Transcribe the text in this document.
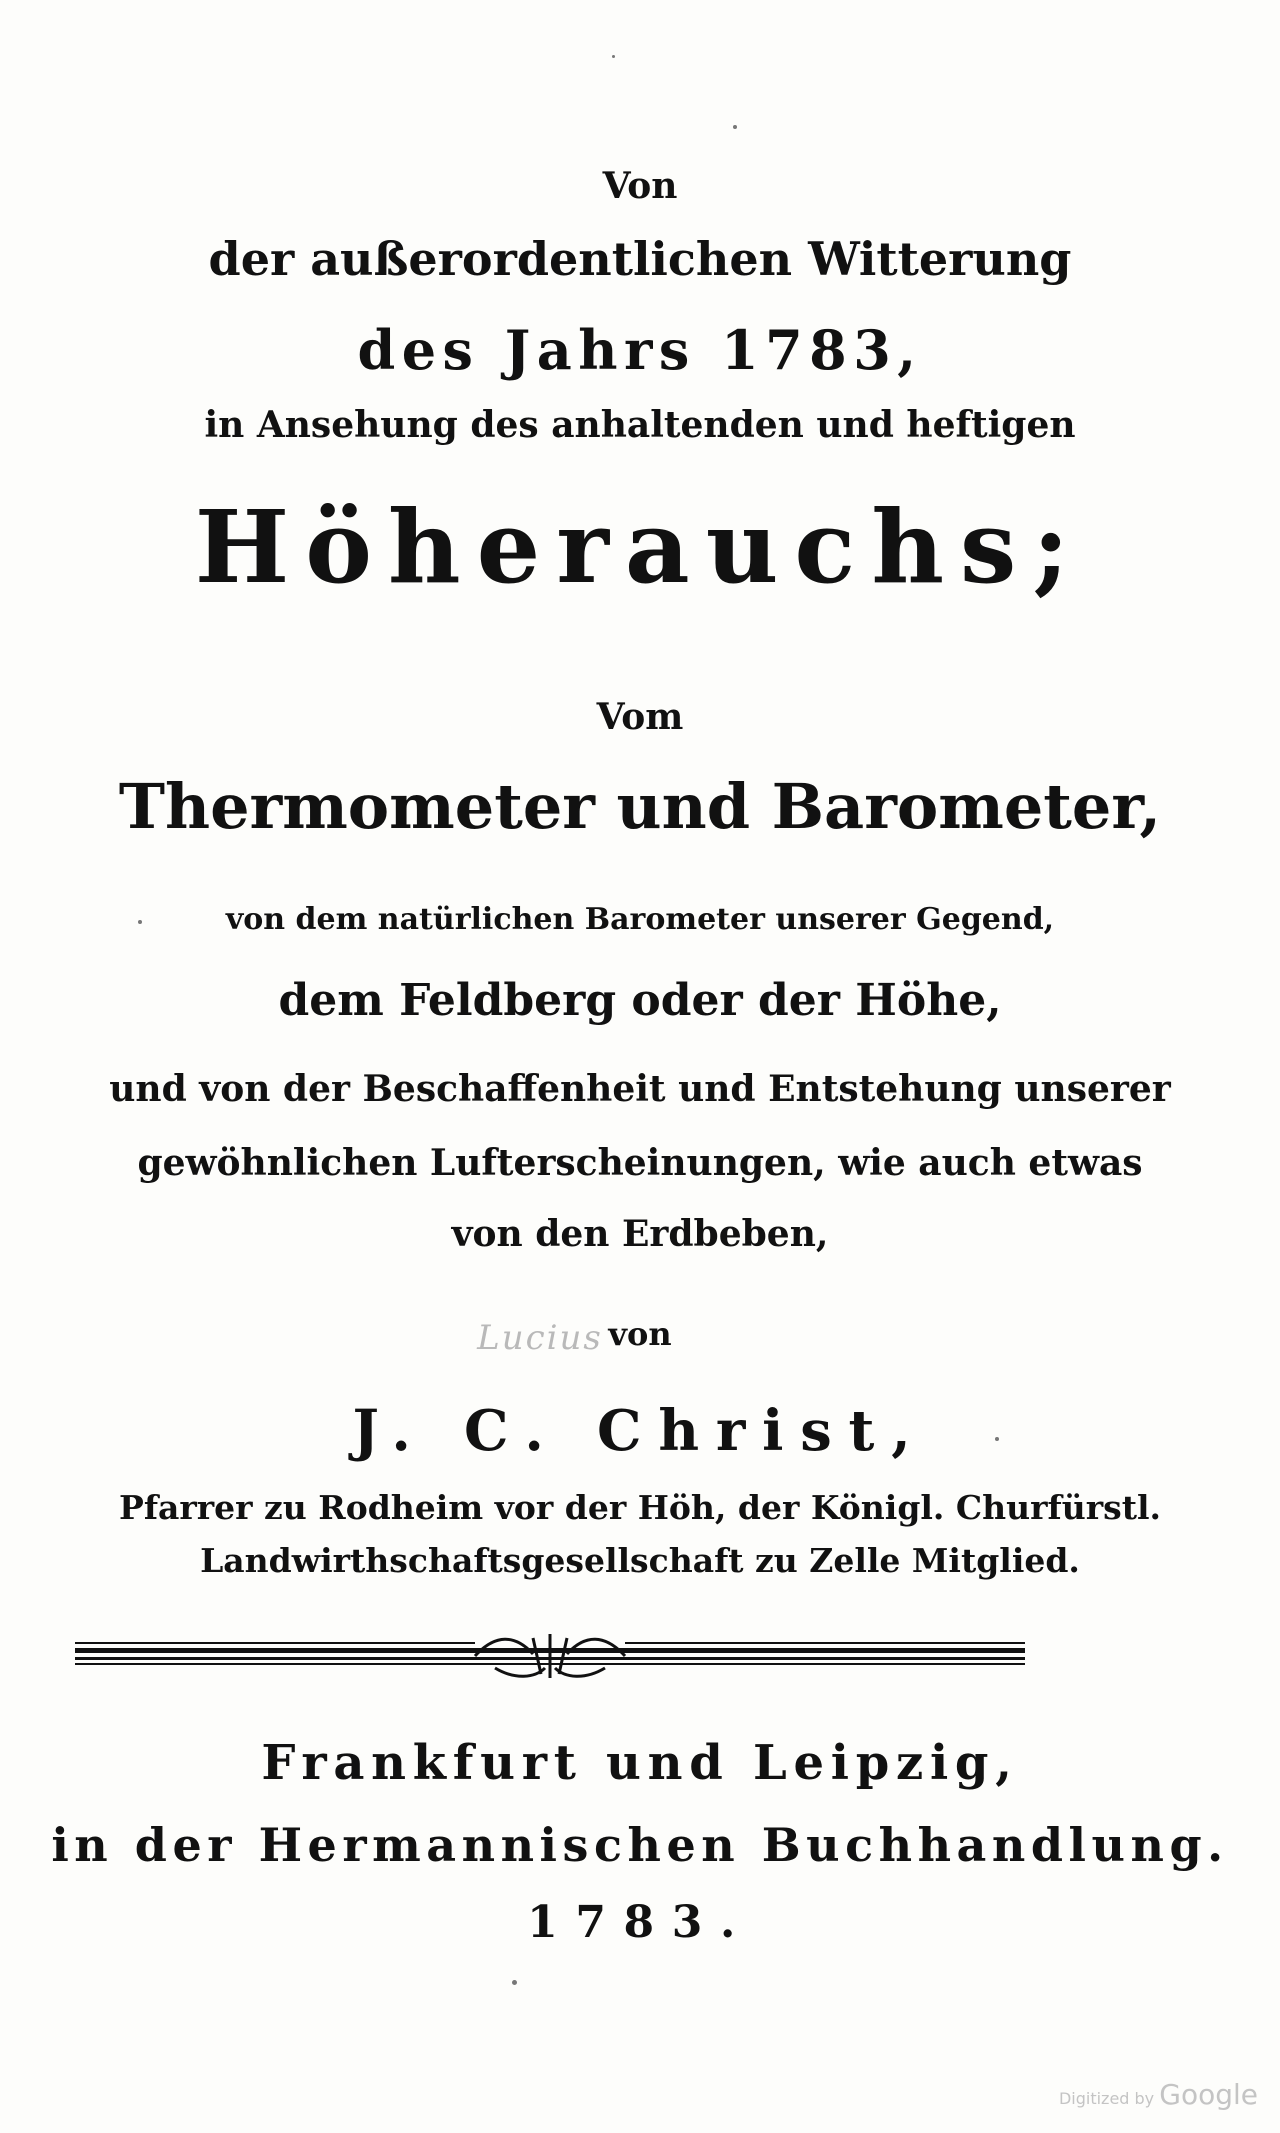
Von
der außerordentlichen Witterung
des Jahrs 1783,
in Ansehung des anhaltenden und heftigen
Höherauchs;
Vom
Thermometer und Barometer,
von dem natürlichen Barometer unserer Gegend,
dem Feldberg oder der Höhe,
und von der Beschaffenheit und Entstehung unserer
gewöhnlichen Lufterscheinungen, wie auch etwas
von den Erdbeben,
von
Lucius
J. C. Christ,
Pfarrer zu Rodheim vor der Höh, der Königl. Churfürstl.
Landwirthschaftsgesellschaft zu Zelle Mitglied.
Frankfurt und Leipzig,
in der Hermannischen Buchhandlung.
1783.
Digitized by Google
